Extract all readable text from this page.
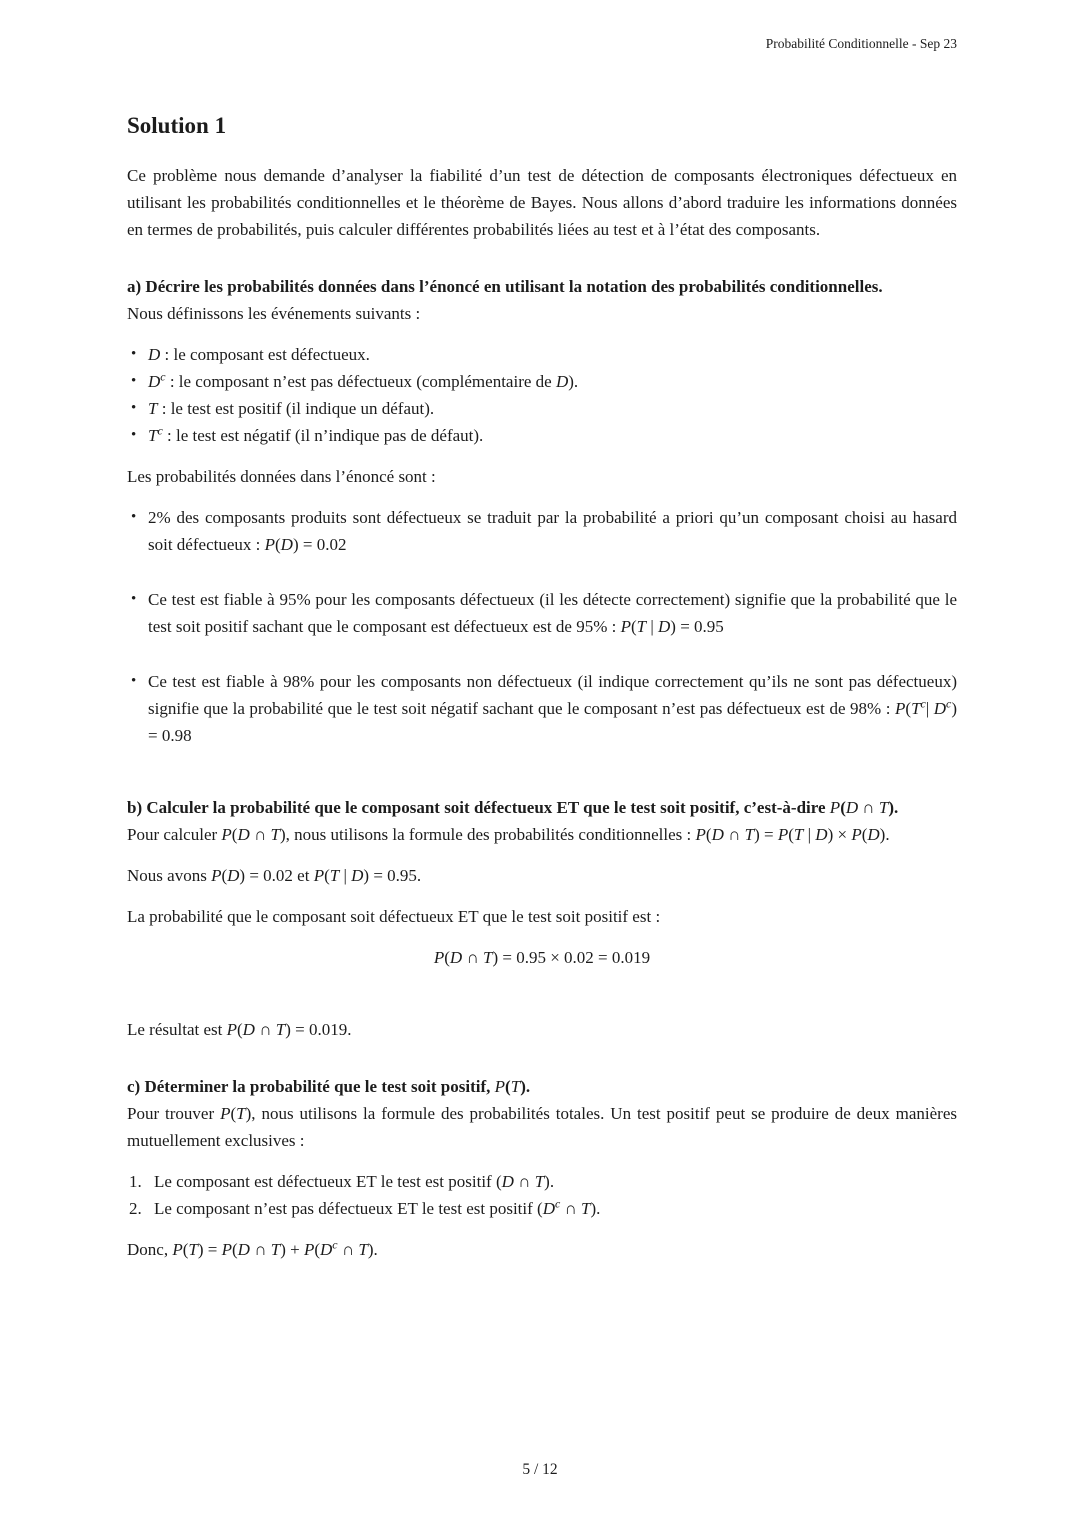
Probabilité Conditionnelle - Sep 23
Solution 1

Ce problème nous demande d’analyser la fiabilité d’un test de détection de composants électroniques défectueux en utilisant les probabilités conditionnelles et le théorème de Bayes. Nous allons d’abord traduire les informations données en termes de probabilités, puis calculer différentes probabilités liées au test et à l’état des composants.

a) Décrire les probabilités données dans l’énoncé en utilisant la notation des probabilités conditionnelles.

Nous définissons les événements suivants :

• D : le composant est défectueux.
• $D^c$ : le composant n’est pas défectueux (complémentaire de D).
• T : le test est positif (il indique un défaut).
• $T^c$ : le test est négatif (il n’indique pas de défaut).

Les probabilités données dans l’énoncé sont :

• 2% des composants produits sont défectueux se traduit par la probabilité a priori qu’un composant choisi au hasard soit défectueux : P(D) = 0.02
• Ce test est fiable à 95% pour les composants défectueux (il les détecte correctement) signifie que la probabilité que le test soit positif sachant que le composant est défectueux est de 95% : P(T | D) = 0.95
• Ce test est fiable à 98% pour les composants non défectueux (il indique correctement qu’ils ne sont pas défectueux) signifie que la probabilité que le test soit négatif sachant que le composant n’est pas défectueux est de 98% : $P(T^c|$ $D^c) = 0.98$

b) Calculer la probabilité que le composant soit défectueux ET que le test soit positif, c’est-à-dire P(D ∩ T).

Pour calculer P(D ∩ T), nous utilisons la formule des probabilités conditionnelles : P(D ∩ T) = P(T | D) × P(D).

Nous avons P(D) = 0.02 et P(T | D) = 0.95.

La probabilité que le composant soit défectueux ET que le test soit positif est :

P(D ∩ T) = 0.95 × 0.02 = 0.019

Le résultat est P(D ∩ T) = 0.019.

c) Déterminer la probabilité que le test soit positif, P(T).

Pour trouver P(T), nous utilisons la formule des probabilités totales. Un test positif peut se produire de deux manières mutuellement exclusives :

Le composant est défectueux ET le test est positif (D ∩ T).
Le composant n’est pas défectueux ET le test est positif ($D^c$ ∩ T).

Donc, P(T) = P(D ∩ $T) + P(D^c$ ∩ T).

5 / 12
